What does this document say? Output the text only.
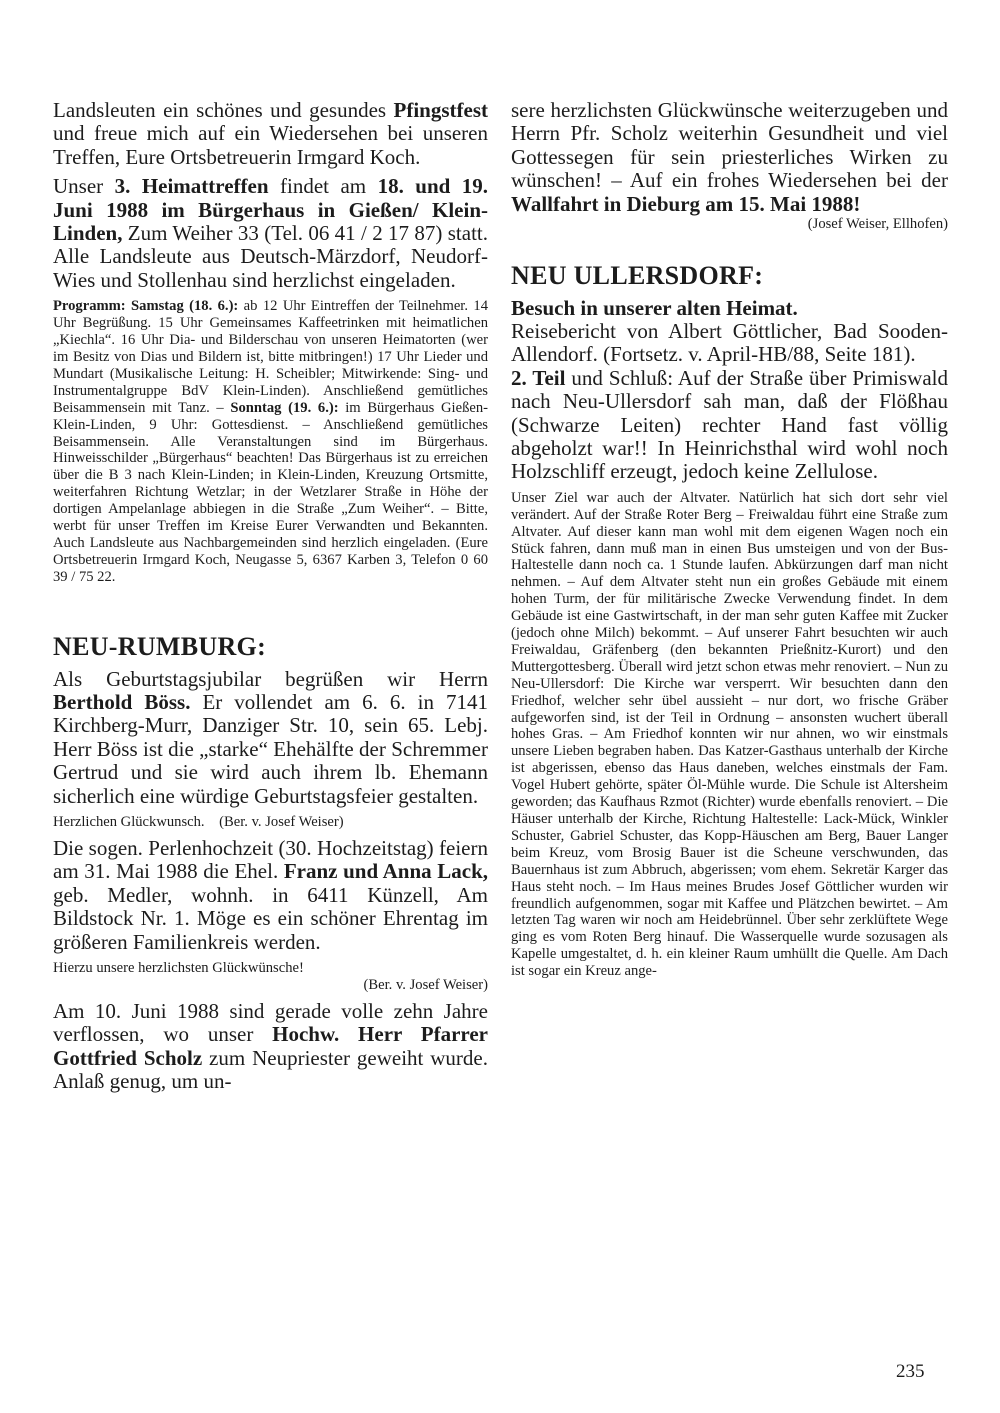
Landsleuten ein schönes und gesundes Pfingstfest und freue mich auf ein Wiedersehen bei unseren Treffen, Eure Ortsbetreuerin Irmgard Koch.

Unser 3. Heimattreffen findet am 18. und 19. Juni 1988 im Bürgerhaus in Gießen/ Klein-Linden, Zum Weiher 33 (Tel. 06 41 / 2 17 87) statt. Alle Landsleute aus Deutsch-Märzdorf, Neudorf-Wies und Stollenhau sind herzlichst eingeladen.

Programm: Samstag (18. 6.): ab 12 Uhr Eintreffen der Teilnehmer. 14 Uhr Begrüßung. 15 Uhr Gemeinsames Kaffeetrinken mit heimatlichen „Kiechla“. 16 Uhr Dia- und Bilderschau von unseren Heimatorten (wer im Besitz von Dias und Bildern ist, bitte mitbringen!) 17 Uhr Lieder und Mundart (Musikalische Leitung: H. Scheibler; Mitwirkende: Sing- und Instrumentalgruppe BdV Klein-Linden). Anschließend gemütliches Beisammensein mit Tanz. – Sonntag (19. 6.): im Bürgerhaus Gießen-Klein-Linden, 9 Uhr: Gottesdienst. – Anschließend gemütliches Beisammensein. Alle Veranstaltungen sind im Bürgerhaus. Hinweisschilder „Bürgerhaus“ beachten! Das Bürgerhaus ist zu erreichen über die B 3 nach Klein-Linden; in Klein-Linden, Kreuzung Ortsmitte, weiterfahren Richtung Wetzlar; in der Wetzlarer Straße in Höhe der dortigen Ampelanlage abbiegen in die Straße „Zum Weiher“. – Bitte, werbt für unser Treffen im Kreise Eurer Verwandten und Bekannten. Auch Landsleute aus Nachbargemeinden sind herzlich eingeladen. (Eure Ortsbetreuerin Irmgard Koch, Neugasse 5, 6367 Karben 3, Telefon 0 60 39 / 75 22.

NEU-RUMBURG:

Als Geburtstagsjubilar begrüßen wir Herrn Berthold Böss. Er vollendet am 6. 6. in 7141 Kirchberg-Murr, Danziger Str. 10, sein 65. Lebj. Herr Böss ist die „starke“ Ehehälfte der Schremmer Gertrud und sie wird auch ihrem lb. Ehemann sicherlich eine würdige Geburtstagsfeier gestalten.

Herzlichen Glückwunsch.    (Ber. v. Josef Weiser)

Die sogen. Perlenhochzeit (30. Hochzeitstag) feiern am 31. Mai 1988 die Ehel. Franz und Anna Lack, geb. Medler, wohnh. in 6411 Künzell, Am Bildstock Nr. 1. Möge es ein schöner Ehrentag im größeren Familienkreis werden.

Hierzu unsere herzlichsten Glückwünsche!

(Ber. v. Josef Weiser)

Am 10. Juni 1988 sind gerade volle zehn Jahre verflossen, wo unser Hochw. Herr Pfarrer Gottfried Scholz zum Neupriester geweiht wurde. Anlaß genug, um un-

sere herzlichsten Glückwünsche weiterzugeben und Herrn Pfr. Scholz weiterhin Gesundheit und viel Gottessegen für sein priesterliches Wirken zu wünschen! – Auf ein frohes Wiedersehen bei der Wallfahrt in Dieburg am 15. Mai 1988!

(Josef Weiser, Ellhofen)

NEU ULLERSDORF:

Besuch in unserer alten Heimat.

Reisebericht von Albert Göttlicher, Bad Sooden-Allendorf. (Fortsetz. v. April-HB/88, Seite 181).

2. Teil und Schluß: Auf der Straße über Primiswald nach Neu-Ullersdorf sah man, daß der Flößhau (Schwarze Leiten) rechter Hand fast völlig abgeholzt war!! In Heinrichsthal wird wohl noch Holzschliff erzeugt, jedoch keine Zellulose.

Unser Ziel war auch der Altvater. Natürlich hat sich dort sehr viel verändert. Auf der Straße Roter Berg – Freiwaldau führt eine Straße zum Altvater. Auf dieser kann man wohl mit dem eigenen Wagen noch ein Stück fahren, dann muß man in einen Bus umsteigen und von der Bus-Haltestelle dann noch ca. 1 Stunde laufen. Abkürzungen darf man nicht nehmen. – Auf dem Altvater steht nun ein großes Gebäude mit einem hohen Turm, der für militärische Zwecke Verwendung findet. In dem Gebäude ist eine Gastwirtschaft, in der man sehr guten Kaffee mit Zucker (jedoch ohne Milch) bekommt. – Auf unserer Fahrt besuchten wir auch Freiwaldau, Gräfenberg (den bekannten Prießnitz-Kurort) und den Muttergottesberg. Überall wird jetzt schon etwas mehr renoviert. – Nun zu Neu-Ullersdorf: Die Kirche war versperrt. Wir besuchten dann den Friedhof, welcher sehr übel aussieht – nur dort, wo frische Gräber aufgeworfen sind, ist der Teil in Ordnung – ansonsten wuchert überall hohes Gras. – Am Friedhof konnten wir nur ahnen, wo wir einstmals unsere Lieben begraben haben. Das Katzer-Gasthaus unterhalb der Kirche ist abgerissen, ebenso das Haus daneben, welches einstmals der Fam. Vogel Hubert gehörte, später Öl-Mühle wurde. Die Schule ist Altersheim geworden; das Kaufhaus Rzmot (Richter) wurde ebenfalls renoviert. – Die Häuser unterhalb der Kirche, Richtung Haltestelle: Lack-Mück, Winkler Schuster, Gabriel Schuster, das Kopp-Häuschen am Berg, Bauer Langer beim Kreuz, vom Brosig Bauer ist die Scheune verschwunden, das Bauernhaus ist zum Abbruch, abgerissen; vom ehem. Sekretär Karger das Haus steht noch. – Im Haus meines Brudes Josef Göttlicher wurden wir freundlich aufgenommen, sogar mit Kaffee und Plätzchen bewirtet. – Am letzten Tag waren wir noch am Heidebrünnel. Über sehr zerklüftete Wege ging es vom Roten Berg hinauf. Die Wasserquelle wurde sozusagen als Kapelle umgestaltet, d. h. ein kleiner Raum umhüllt die Quelle. Am Dach ist sogar ein Kreuz ange-

235
